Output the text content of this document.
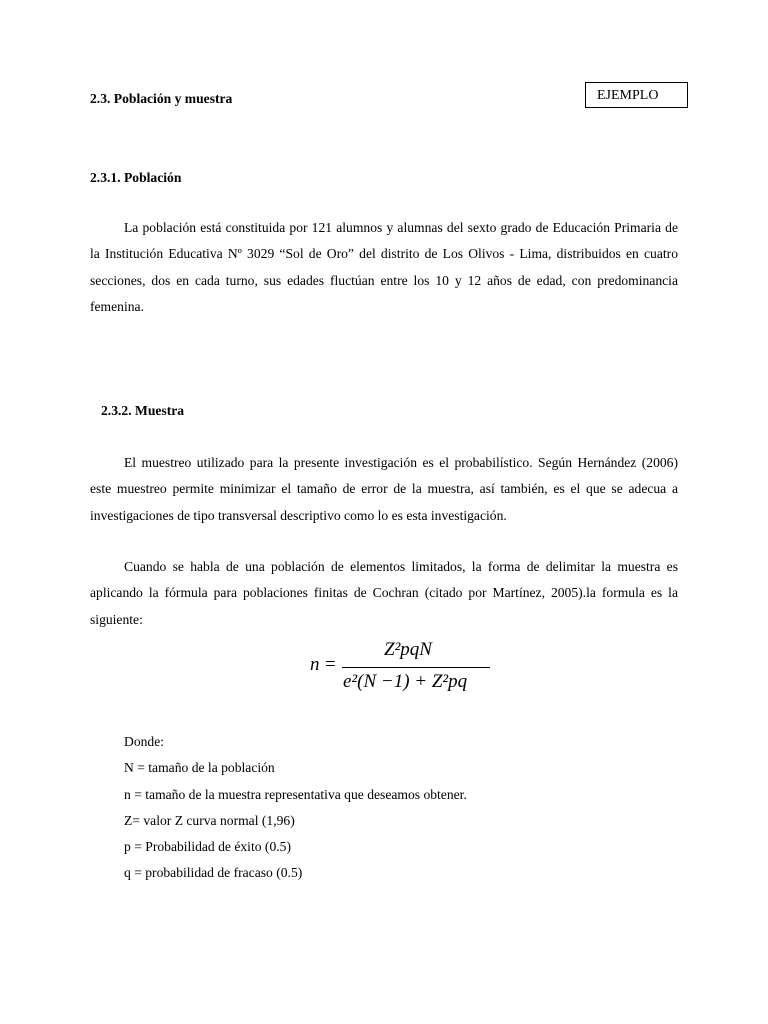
EJEMPLO
2.3. Población y muestra
2.3.1. Población
La población está constituida por 121 alumnos y alumnas del sexto grado de Educación Primaria de la Institución Educativa Nº 3029 “Sol de Oro” del distrito de Los Olivos - Lima, distribuidos en cuatro secciones, dos en cada turno, sus edades fluctúan entre los 10 y 12 años de edad, con predominancia femenina.
2.3.2. Muestra
El muestreo utilizado para la presente investigación es el probabilístico. Según Hernández (2006) este muestreo permite minimizar el tamaño de error de la muestra, así también, es el que se adecua a investigaciones de tipo transversal descriptivo como lo es esta investigación.
Cuando se habla de una población de elementos limitados, la forma de delimitar la muestra es aplicando la fórmula para poblaciones finitas de Cochran (citado por Martínez, 2005).la formula es la siguiente:
n =
Z²pqN
e²(N −1) + Z²pq
Donde:
N = tamaño de la población
n = tamaño de la muestra representativa que deseamos obtener.
Z= valor Z curva normal (1,96)
p = Probabilidad de éxito (0.5)
q = probabilidad de fracaso (0.5)
